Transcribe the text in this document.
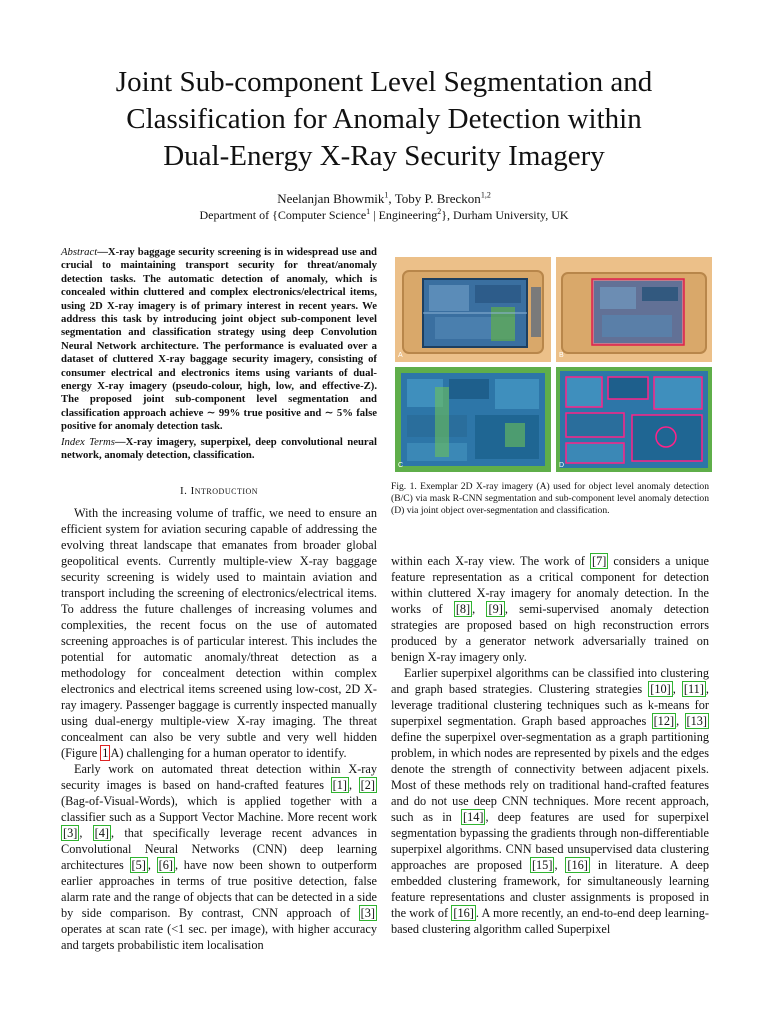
Joint Sub-component Level Segmentation and
Classification for Anomaly Detection within
Dual-Energy X-Ray Security Imagery
Neelanjan Bhowmik$^1$, Toby P. Breckon$^{1,2}$
Department of {Computer Science$^1$ | Engineering$^2$}, Durham University, UK
Abstract—X-ray baggage security screening is in widespread use and crucial to maintaining transport security for threat/anomaly detection tasks. The automatic detection of anomaly, which is concealed within cluttered and complex electronics/electrical items, using 2D X-ray imagery is of primary interest in recent years. We address this task by introducing joint object sub-component level segmentation and classification strategy using deep Convolution Neural Network architecture. The performance is evaluated over a dataset of cluttered X-ray baggage security imagery, consisting of consumer electrical and electronics items using variants of dual-energy X-ray imagery (pseudo-colour, high, low, and effective-Z). The proposed joint sub-component level segmentation and classification approach achieve ∼ 99% true positive and ∼ 5% false positive for anomaly detection task.
Index Terms—X-ray imagery, superpixel, deep convolutional neural network, anomaly detection, classification.
I. Introduction

With the increasing volume of traffic, we need to ensure an efficient system for aviation securing capable of addressing the evolving threat landscape that emanates from broader global geopolitical events. Currently multiple-view X-ray baggage security screening is widely used to maintain aviation and transport including the screening of electronics/electrical items. To address the future challenges of increasing volumes and complexities, the recent focus on the use of automated screening approaches is of particular interest. This includes the potential for automatic anomaly/threat detection as a methodology for concealment detection within complex electronics and electrical items screened using low-cost, 2D X-ray imagery. Passenger baggage is currently inspected manually using dual-energy multiple-view X-ray imaging. The threat concealment can also be very subtle and very well hidden (Figure 1 A) challenging for a human operator to identify.

Early work on automated threat detection within X-ray security images is based on hand-crafted features [1] , [2] (Bag-of-Visual-Words), which is applied together with a classifier such as a Support Vector Machine. More recent work [3] , [4] , that specifically leverage recent advances in Convolutional Neural Networks (CNN) deep learning architectures [5] , [6] , have now been shown to outperform earlier approaches in terms of true positive detection, false alarm rate and the range of objects that can be detected in a side by side comparison. By contrast, CNN approach of [3] operates at scan rate (<1 sec. per image), with higher accuracy and targets probabilistic item localisation

A	B
C	D
Fig. 1. Exemplar 2D X-ray imagery (A) used for object level anomaly detection (B/C) via mask R-CNN segmentation and sub-component level anomaly detection (D) via joint object over-segmentation and classification.

within each X-ray view. The work of [7] considers a unique feature representation as a critical component for detection within cluttered X-ray imagery for anomaly detection. In the works of [8] , [9] , semi-supervised anomaly detection strategies are proposed based on high reconstruction errors produced by a generator network adversarially trained on benign X-ray imagery only.

Earlier superpixel algorithms can be classified into clustering and graph based strategies. Clustering strategies [10] , [11] , leverage traditional clustering techniques such as k-means for superpixel segmentation. Graph based approaches [12] , [13] define the superpixel over-segmentation as a graph partitioning problem, in which nodes are represented by pixels and the edges denote the strength of connectivity between adjacent pixels. Most of these methods rely on traditional hand-crafted features and do not use deep CNN techniques. More recent approach, such as in [14] , deep features are used for superpixel segmentation bypassing the gradients through non-differentiable superpixel algorithms. CNN based unsupervised data clustering approaches are proposed [15] , [16] in literature. A deep embedded clustering framework, for simultaneously learning feature representations and cluster assignments is proposed in the work of [16] . A more recently, an end-to-end deep learning-based clustering algorithm called Superpixel
